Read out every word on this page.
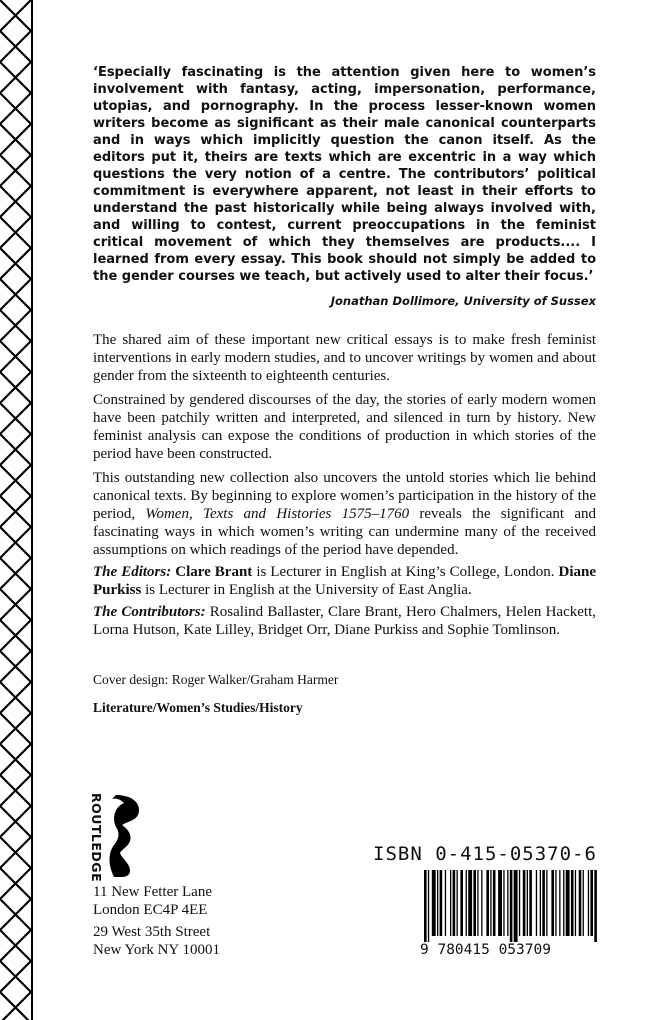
‘Especially fascinating is the attention given here to women’s involvement with fantasy, acting, impersonation, performance, utopias, and pornography. In the process lesser-known women writers become as significant as their male canonical counterparts and in ways which implicitly question the canon itself. As the editors put it, theirs are texts which are excentric in a way which questions the very notion of a centre. The contributors’ political commitment is everywhere apparent, not least in their efforts to understand the past historically while being always involved with, and willing to contest, current preoccupations in the feminist critical movement of which they themselves are products.... I learned from every essay. This book should not simply be added to the gender courses we teach, but actively used to alter their focus.’

Jonathan Dollimore, University of Sussex

The shared aim of these important new critical essays is to make fresh feminist interventions in early modern studies, and to uncover writings by women and about gender from the sixteenth to eighteenth centuries.

Constrained by gendered discourses of the day, the stories of early modern women have been patchily written and interpreted, and silenced in turn by history. New feminist analysis can expose the conditions of production in which stories of the period have been constructed.

This outstanding new collection also uncovers the untold stories which lie behind canonical texts. By beginning to explore women’s participation in the history of the period, Women, Texts and Histories 1575–1760 reveals the significant and fascinating ways in which women’s writing can undermine many of the received assumptions on which readings of the period have depended.

The Editors: Clare Brant is Lecturer in English at King’s College, London. Diane Purkiss is Lecturer in English at the University of East Anglia.

The Contributors: Rosalind Ballaster, Clare Brant, Hero Chalmers, Helen Hackett, Lorna Hutson, Kate Lilley, Bridget Orr, Diane Purkiss and Sophie Tomlinson.

Cover design: Roger Walker/Graham Harmer

Literature/Women’s Studies/History

ROUTLEDGE

11 New Fetter Lane
London EC4P 4EE

29 West 35th Street
New York NY 10001

ISBN 0-415-05370-6
9 780415 053709
